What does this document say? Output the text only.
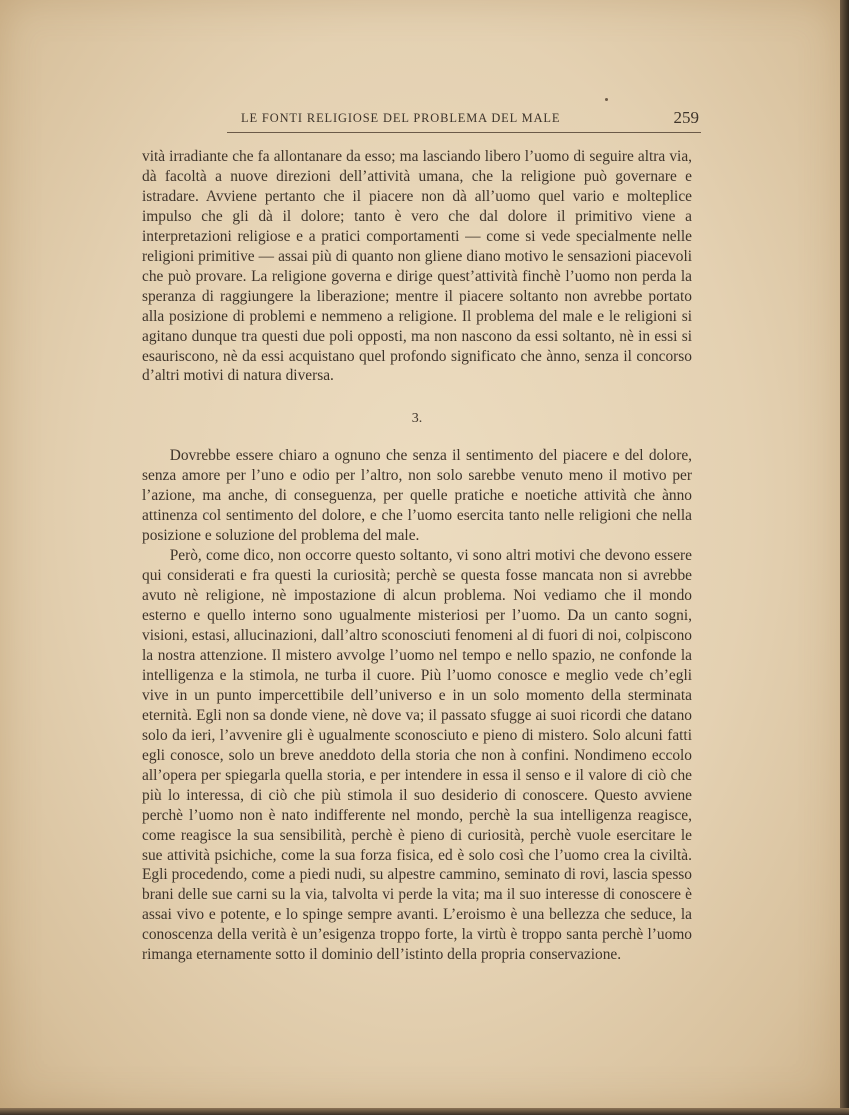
LE FONTI RELIGIOSE DEL PROBLEMA DEL MALE	259

vità irradiante che fa allontanare da esso; ma lasciando libero l’uomo di seguire altra via, dà facoltà a nuove direzioni dell’attività umana, che la religione può governare e istradare. Avviene pertanto che il piacere non dà all’uomo quel vario e molteplice impulso che gli dà il dolore; tanto è vero che dal dolore il primitivo viene a interpretazioni religiose e a pratici comportamenti — come si vede specialmente nelle religioni primitive — assai più di quanto non gliene diano motivo le sensazioni piacevoli che può provare. La religione governa e dirige quest’attività finchè l’uomo non perda la speranza di raggiungere la liberazione; mentre il piacere soltanto non avrebbe portato alla posizione di problemi e nemmeno a religione. Il problema del male e le religioni si agitano dunque tra questi due poli opposti, ma non nascono da essi soltanto, nè in essi si esauriscono, nè da essi acquistano quel profondo significato che ànno, senza il concorso d’altri motivi di natura diversa.

3.

Dovrebbe essere chiaro a ognuno che senza il sentimento del piacere e del dolore, senza amore per l’uno e odio per l’altro, non solo sarebbe venuto meno il motivo per l’azione, ma anche, di conseguenza, per quelle pratiche e noetiche attività che ànno attinenza col sentimento del dolore, e che l’uomo esercita tanto nelle religioni che nella posizione e soluzione del problema del male.

Però, come dico, non occorre questo soltanto, vi sono altri motivi che devono essere qui considerati e fra questi la curiosità; perchè se questa fosse mancata non si avrebbe avuto nè religione, nè impostazione di alcun problema. Noi vediamo che il mondo esterno e quello interno sono ugualmente misteriosi per l’uomo. Da un canto sogni, visioni, estasi, allucinazioni, dall’altro sconosciuti fenomeni al di fuori di noi, colpiscono la nostra attenzione. Il mistero avvolge l’uomo nel tempo e nello spazio, ne confonde la intelligenza e la stimola, ne turba il cuore. Più l’uomo conosce e meglio vede ch’egli vive in un punto impercettibile dell’universo e in un solo momento della sterminata eternità. Egli non sa donde viene, nè dove va; il passato sfugge ai suoi ricordi che datano solo da ieri, l’avvenire gli è ugualmente sconosciuto e pieno di mistero. Solo alcuni fatti egli conosce, solo un breve aneddoto della storia che non à confini. Nondimeno eccolo all’opera per spiegarla quella storia, e per intendere in essa il senso e il valore di ciò che più lo interessa, di ciò che più stimola il suo desiderio di conoscere. Questo avviene perchè l’uomo non è nato indifferente nel mondo, perchè la sua intelligenza reagisce, come reagisce la sua sensibilità, perchè è pieno di curiosità, perchè vuole esercitare le sue attività psichiche, come la sua forza fisica, ed è solo così che l’uomo crea la civiltà. Egli procedendo, come a piedi nudi, su alpestre cammino, seminato di rovi, lascia spesso brani delle sue carni su la via, talvolta vi perde la vita; ma il suo interesse di conoscere è assai vivo e potente, e lo spinge sempre avanti. L’eroismo è una bellezza che seduce, la conoscenza della verità è un’esigenza troppo forte, la virtù è troppo santa perchè l’uomo rimanga eternamente sotto il dominio dell’istinto della propria conservazione.
